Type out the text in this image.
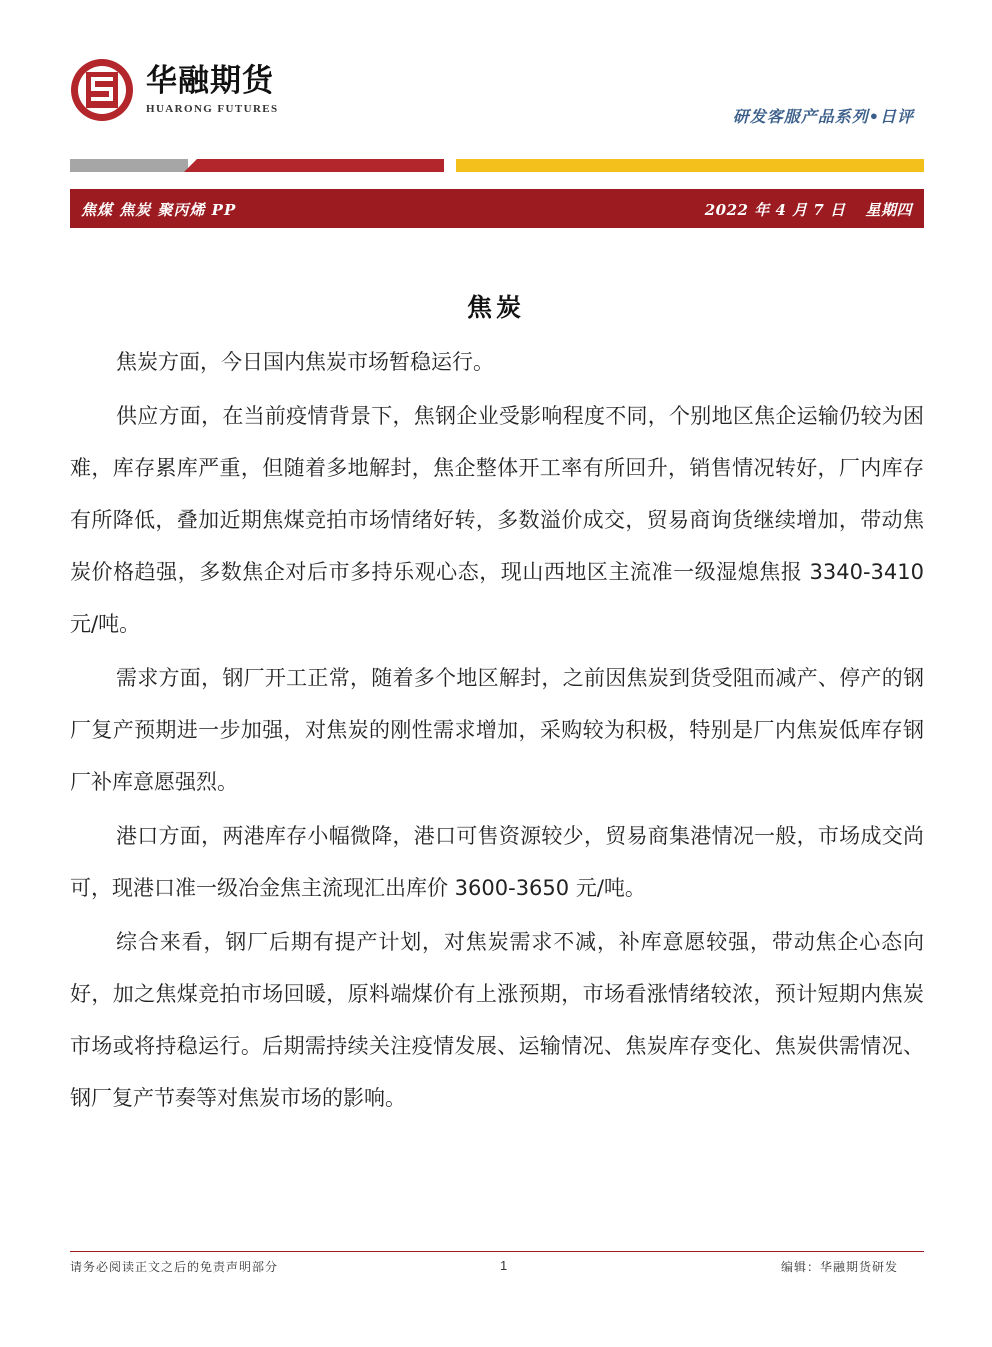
华融期货
HUARONG FUTURES	研发客服产品系列•日评
焦煤 焦炭 聚丙烯 PP	2022 年 4 月 7 日 星期四
焦炭

焦炭方面，今日国内焦炭市场暂稳运行。

供应方面，在当前疫情背景下，焦钢企业受影响程度不同，个别地区焦企运输仍较为困难，库存累库严重，但随着多地解封，焦企整体开工率有所回升，销售情况转好，厂内库存有所降低，叠加近期焦煤竞拍市场情绪好转，多数溢价成交，贸易商询货继续增加，带动焦炭价格趋强，多数焦企对后市多持乐观心态，现山西地区主流准一级湿熄焦报 3340-3410 元/吨。

需求方面，钢厂开工正常，随着多个地区解封，之前因焦炭到货受阻而减产、停产的钢厂复产预期进一步加强，对焦炭的刚性需求增加，采购较为积极，特别是厂内焦炭低库存钢厂补库意愿强烈。

港口方面，两港库存小幅微降，港口可售资源较少，贸易商集港情况一般，市场成交尚可，现港口准一级冶金焦主流现汇出库价 3600-3650 元/吨。

综合来看，钢厂后期有提产计划，对焦炭需求不减，补库意愿较强，带动焦企心态向好，加之焦煤竞拍市场回暖，原料端煤价有上涨预期，市场看涨情绪较浓，预计短期内焦炭市场或将持稳运行。后期需持续关注疫情发展、运输情况、焦炭库存变化、焦炭供需情况、钢厂复产节奏等对焦炭市场的影响。

请务必阅读正文之后的免责声明部分	1	编辑：华融期货研发
